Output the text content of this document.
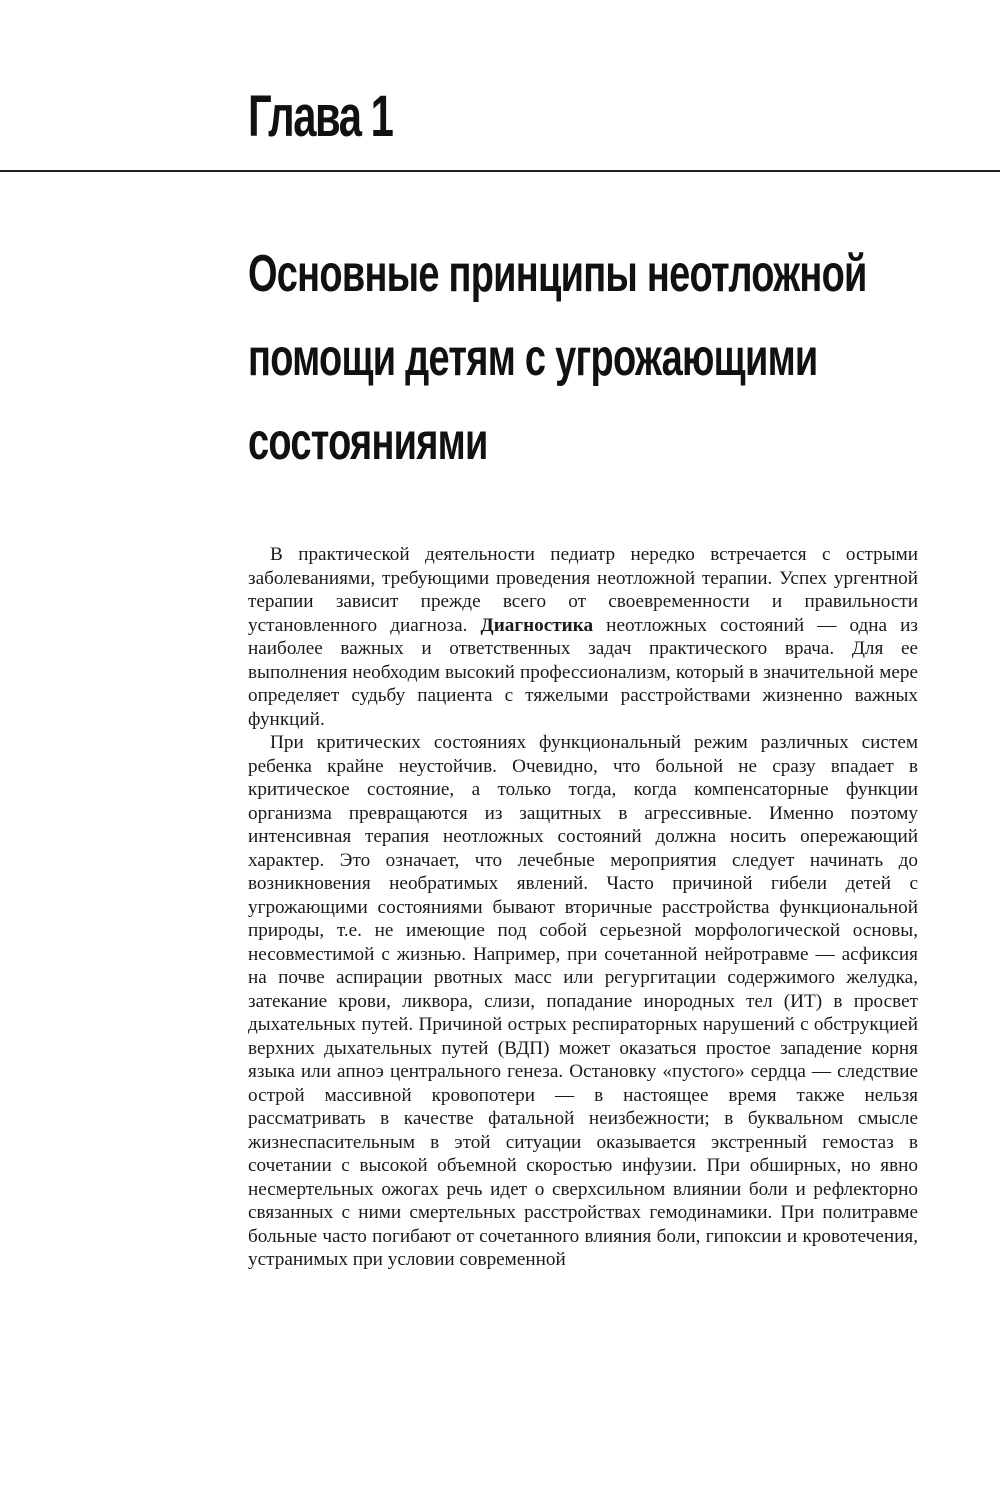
Глава 1
Основные принципы неотложной
помощи детям с угрожающими
состояниями

В практической деятельности педиатр нередко встречается с острыми заболеваниями, требующими проведения неотложной терапии. Успех ургентной терапии зависит прежде всего от своевременности и правильности установленного диагноза. Диагностика неотложных состояний — одна из наиболее важных и ответственных задач практического врача. Для ее выполнения необходим высокий профессионализм, который в значительной мере определяет судьбу пациента с тяжелыми расстройствами жизненно важных функций.

При критических состояниях функциональный режим различных систем ребенка крайне неустойчив. Очевидно, что больной не сразу впадает в критическое состояние, а только тогда, когда компенсаторные функции организма превращаются из защитных в агрессивные. Именно поэтому интенсивная терапия неотложных состояний должна носить опережающий характер. Это означает, что лечебные мероприятия следует начинать до возникновения необратимых явлений. Часто причиной гибели детей с угрожающими состояниями бывают вторичные расстройства функциональной природы, т.е. не имеющие под собой серьезной морфологической основы, несовместимой с жизнью. Например, при сочетанной нейротравме — асфиксия на почве аспирации рвотных масс или регургитации содержимого желудка, затекание крови, ликвора, слизи, попадание инородных тел (ИТ) в просвет дыхательных путей. Причиной острых респираторных нарушений с обструкцией верхних дыхательных путей (ВДП) может оказаться простое западение корня языка или апноэ центрального генеза. Остановку «пустого» сердца — следствие острой массивной кровопотери — в настоящее время также нельзя рассматривать в качестве фатальной неизбежности; в буквальном смысле жизнеспасительным в этой ситуации оказывается экстренный гемостаз в сочетании с высокой объемной скоростью инфузии. При обширных, но явно несмертельных ожогах речь идет о сверхсильном влиянии боли и рефлекторно связанных с ними смертельных расстройствах гемодинамики. При политравме больные часто погибают от сочетанного влияния боли, гипоксии и кровотечения, устранимых при условии современной
